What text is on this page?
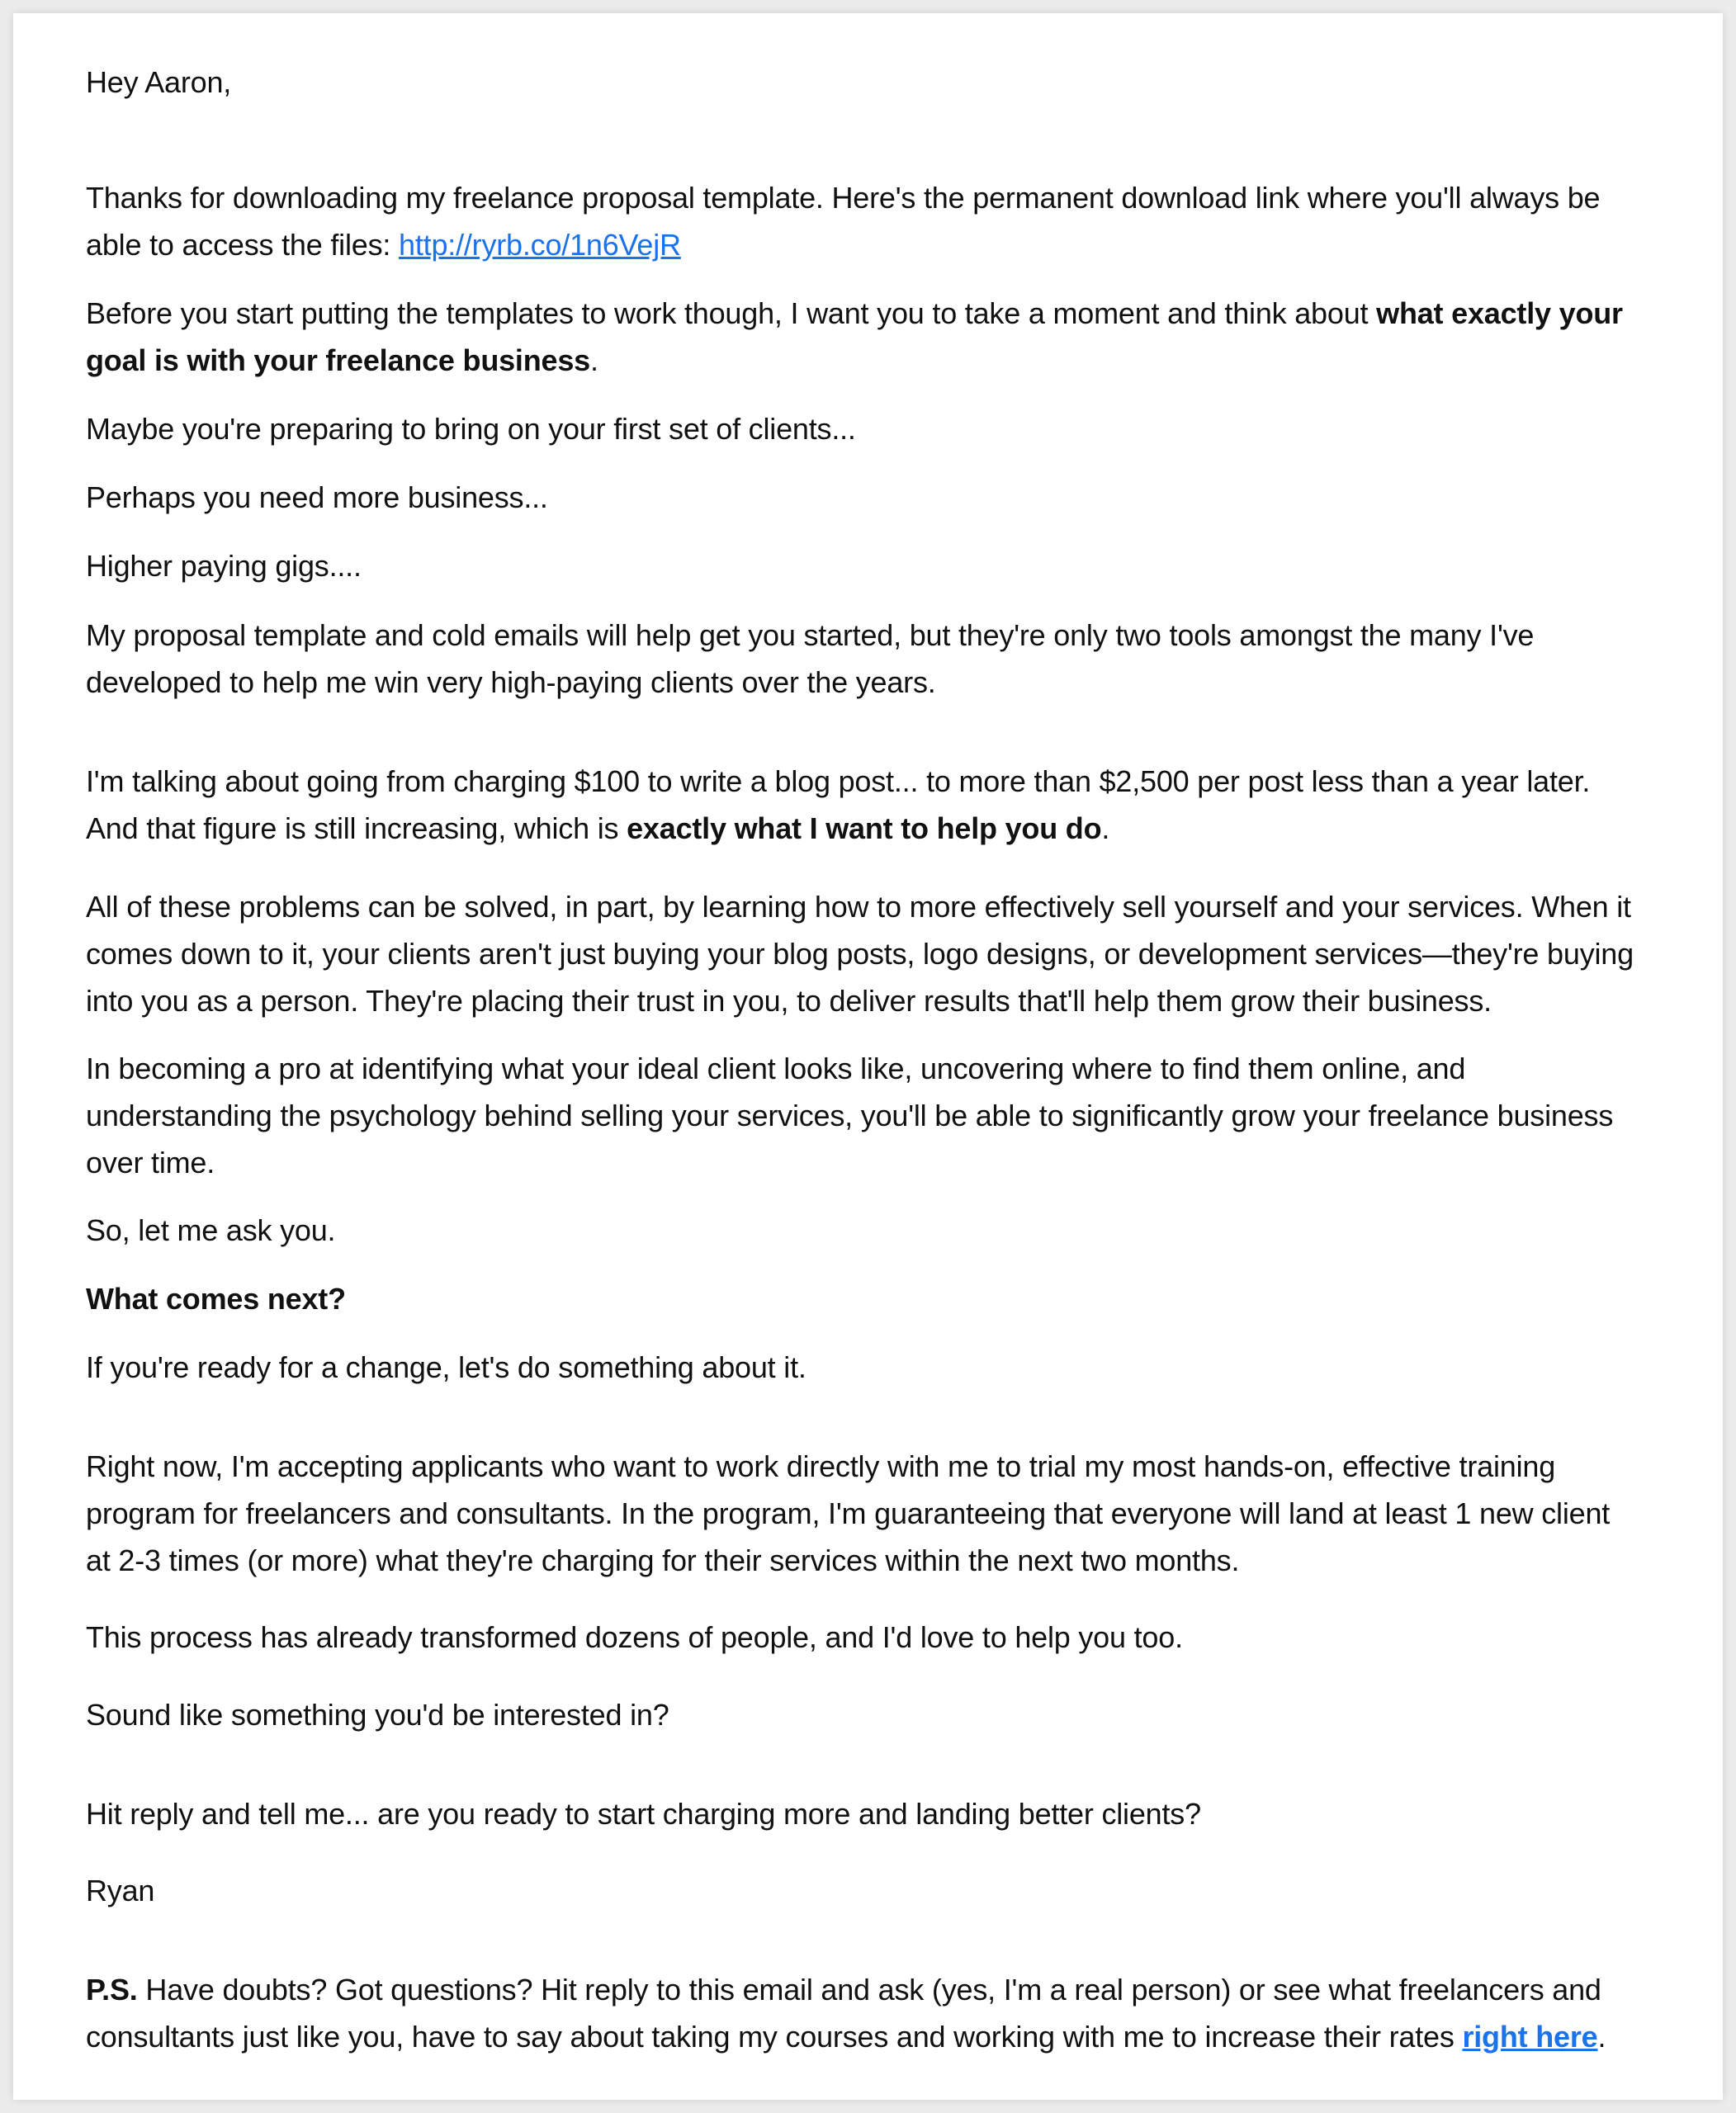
Hey Aaron,

Thanks for downloading my freelance proposal template. Here's the permanent download link where you'll always be
able to access the files: http://ryrb.co/1n6VejR

Before you start putting the templates to work though, I want you to take a moment and think about what exactly your
goal is with your freelance business.

Maybe you're preparing to bring on your first set of clients...

Perhaps you need more business...

Higher paying gigs....

My proposal template and cold emails will help get you started, but they're only two tools amongst the many I've
developed to help me win very high-paying clients over the years.

I'm talking about going from charging $100 to write a blog post... to more than $2,500 per post less than a year later.
And that figure is still increasing, which is exactly what I want to help you do.

All of these problems can be solved, in part, by learning how to more effectively sell yourself and your services. When it
comes down to it, your clients aren't just buying your blog posts, logo designs, or development services—they're buying
into you as a person. They're placing their trust in you, to deliver results that'll help them grow their business.

In becoming a pro at identifying what your ideal client looks like, uncovering where to find them online, and
understanding the psychology behind selling your services, you'll be able to significantly grow your freelance business
over time.

So, let me ask you.

What comes next?

If you're ready for a change, let's do something about it.

Right now, I'm accepting applicants who want to work directly with me to trial my most hands-on, effective training
program for freelancers and consultants. In the program, I'm guaranteeing that everyone will land at least 1 new client
at 2-3 times (or more) what they're charging for their services within the next two months.

This process has already transformed dozens of people, and I'd love to help you too.

Sound like something you'd be interested in?

Hit reply and tell me... are you ready to start charging more and landing better clients?

Ryan

P.S. Have doubts? Got questions? Hit reply to this email and ask (yes, I'm a real person) or see what freelancers and
consultants just like you, have to say about taking my courses and working with me to increase their rates right here.
